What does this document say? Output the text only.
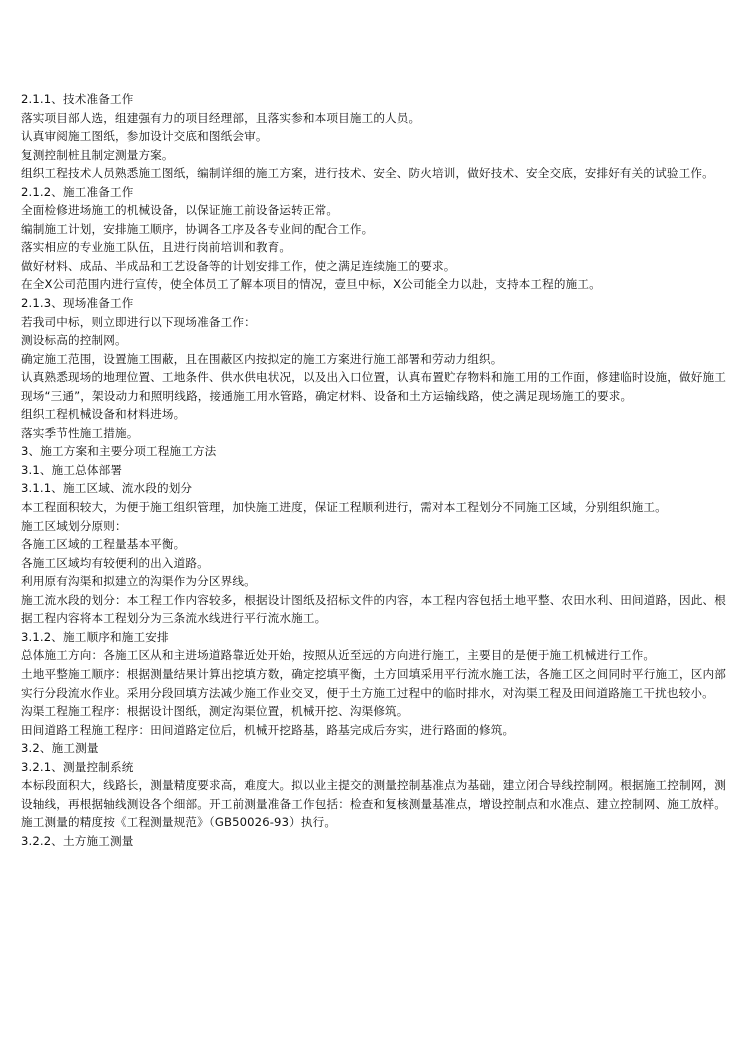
2.1.1、技术准备工作
落实项目部人选，组建强有力的项目经理部，且落实参和本项目施工的人员。
认真审阅施工图纸，参加设计交底和图纸会审。
复测控制桩且制定测量方案。
组织工程技术人员熟悉施工图纸，编制详细的施工方案，进行技术、安全、防火培训，做好技术、安全交底，安排好有关的试验工作。
2.1.2、施工准备工作
全面检修进场施工的机械设备，以保证施工前设备运转正常。
编制施工计划，安排施工顺序，协调各工序及各专业间的配合工作。
落实相应的专业施工队伍，且进行岗前培训和教育。
做好材料、成品、半成品和工艺设备等的计划安排工作，使之满足连续施工的要求。
在全X公司范围内进行宣传，使全体员工了解本项目的情况，壹旦中标，X公司能全力以赴，支持本工程的施工。
2.1.3、现场准备工作
若我司中标，则立即进行以下现场准备工作：
测设标高的控制网。
确定施工范围，设置施工围蔽，且在围蔽区内按拟定的施工方案进行施工部署和劳动力组织。
认真熟悉现场的地理位置、工地条件、供水供电状况，以及出入口位置，认真布置贮存物料和施工用的工作面，修建临时设施，做好施工现场“三通”，架设动力和照明线路，接通施工用水管路，确定材料、设备和土方运输线路，使之满足现场施工的要求。
组织工程机械设备和材料进场。
落实季节性施工措施。
3、施工方案和主要分项工程施工方法
3.1、施工总体部署
3.1.1、施工区域、流水段的划分
本工程面积较大，为便于施工组织管理，加快施工进度，保证工程顺利进行，需对本工程划分不同施工区域，分别组织施工。
施工区域划分原则：
各施工区域的工程量基本平衡。
各施工区域均有较便利的出入道路。
利用原有沟渠和拟建立的沟渠作为分区界线。
施工流水段的划分：本工程工作内容较多，根据设计图纸及招标文件的内容，本工程内容包括土地平整、农田水利、田间道路，因此、根据工程内容将本工程划分为三条流水线进行平行流水施工。
3.1.2、施工顺序和施工安排
总体施工方向：各施工区从和主进场道路靠近处开始，按照从近至远的方向进行施工，主要目的是便于施工机械进行工作。
土地平整施工顺序：根据测量结果计算出挖填方数，确定挖填平衡，土方回填采用平行流水施工法，各施工区之间同时平行施工，区内部实行分段流水作业。采用分段回填方法减少施工作业交叉，便于土方施工过程中的临时排水，对沟渠工程及田间道路施工干扰也较小。
沟渠工程施工程序：根据设计图纸，测定沟渠位置，机械开挖、沟渠修筑。
田间道路工程施工程序：田间道路定位后，机械开挖路基，路基完成后夯实，进行路面的修筑。
3.2、施工测量
3.2.1、测量控制系统
本标段面积大，线路长，测量精度要求高，难度大。拟以业主提交的测量控制基准点为基础，建立闭合导线控制网。根据施工控制网，测设轴线，再根据轴线测设各个细部。开工前测量准备工作包括：检查和复核测量基准点，增设控制点和水准点、建立控制网、施工放样。施工测量的精度按《工程测量规范》（GB50026-93）执行。
3.2.2、土方施工测量
